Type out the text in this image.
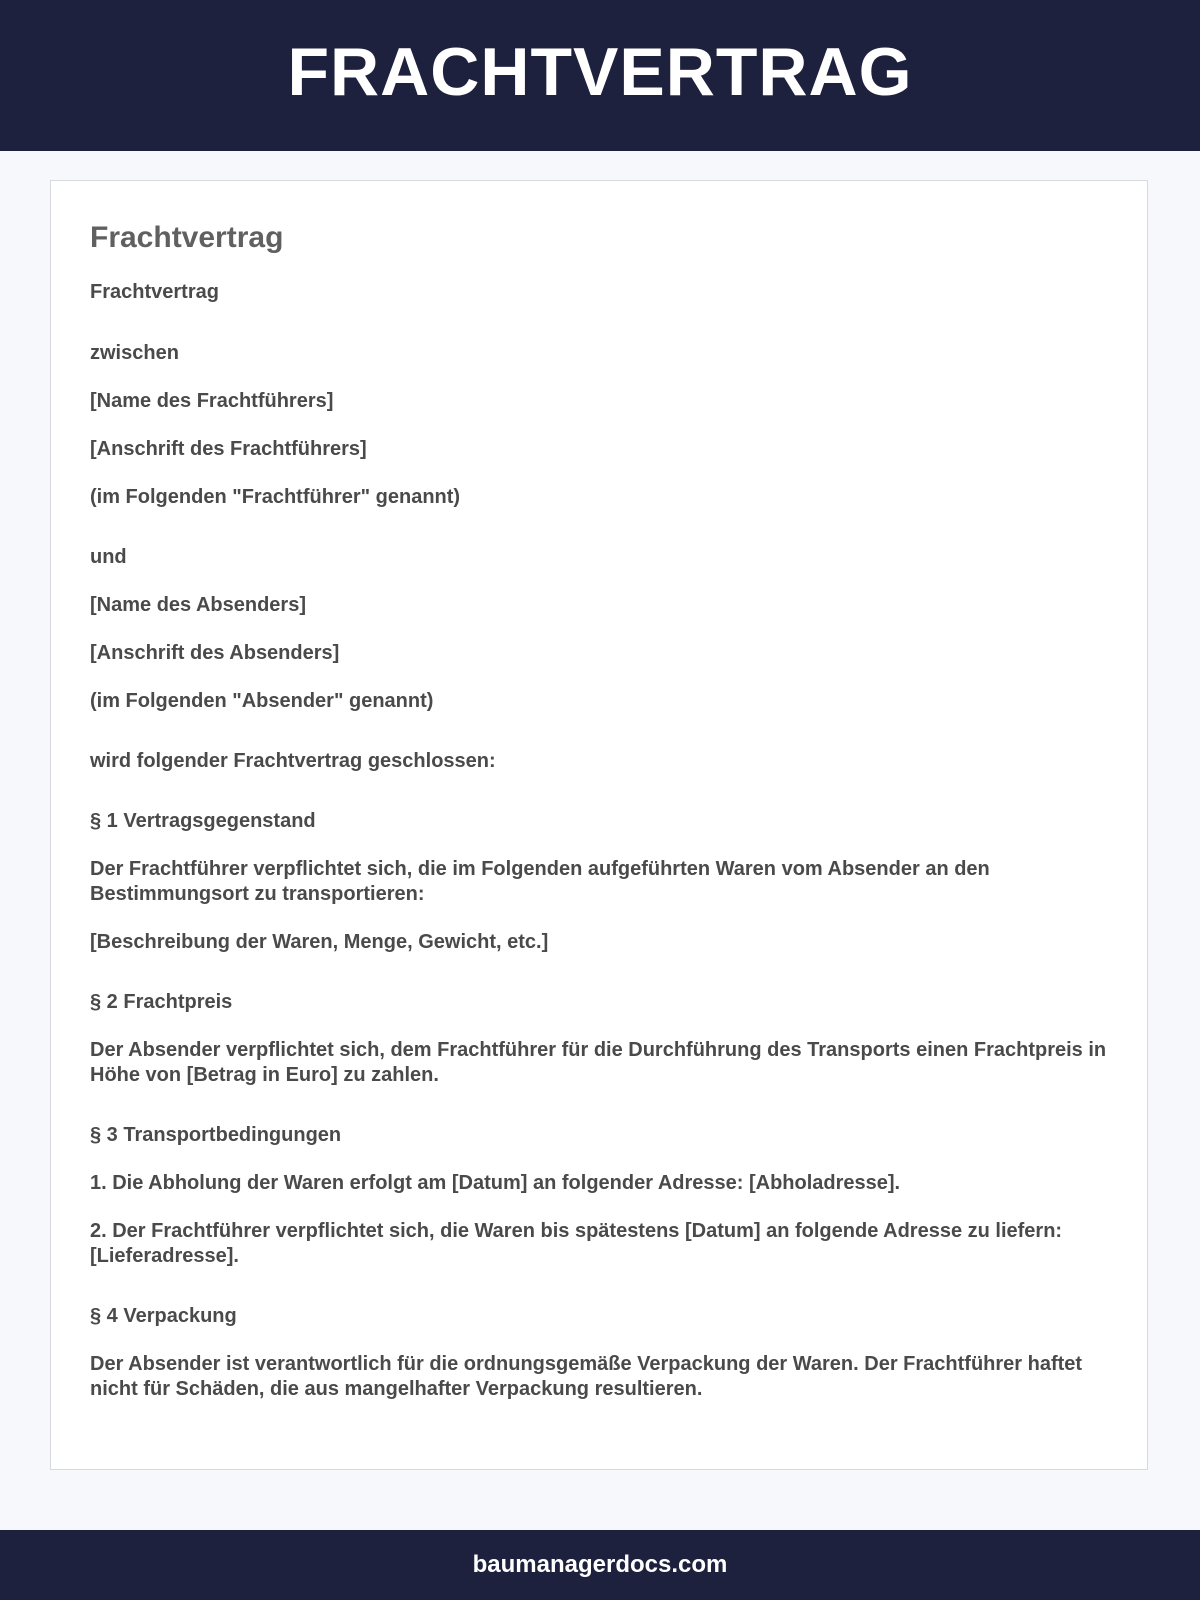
FRACHTVERTRAG
Frachtvertrag

Frachtvertrag

zwischen

[Name des Frachtführers]

[Anschrift des Frachtführers]

(im Folgenden "Frachtführer" genannt)

und

[Name des Absenders]

[Anschrift des Absenders]

(im Folgenden "Absender" genannt)

wird folgender Frachtvertrag geschlossen:

§ 1 Vertragsgegenstand

Der Frachtführer verpflichtet sich, die im Folgenden aufgeführten Waren vom Absender an den Bestimmungsort zu transportieren:

[Beschreibung der Waren, Menge, Gewicht, etc.]

§ 2 Frachtpreis

Der Absender verpflichtet sich, dem Frachtführer für die Durchführung des Transports einen Frachtpreis in Höhe von [Betrag in Euro] zu zahlen.

§ 3 Transportbedingungen

1. Die Abholung der Waren erfolgt am [Datum] an folgender Adresse: [Abholadresse].

2. Der Frachtführer verpflichtet sich, die Waren bis spätestens [Datum] an folgende Adresse zu liefern: [Lieferadresse].

§ 4 Verpackung

Der Absender ist verantwortlich für die ordnungsgemäße Verpackung der Waren. Der Frachtführer haftet nicht für Schäden, die aus mangelhafter Verpackung resultieren.

baumanagerdocs.com
